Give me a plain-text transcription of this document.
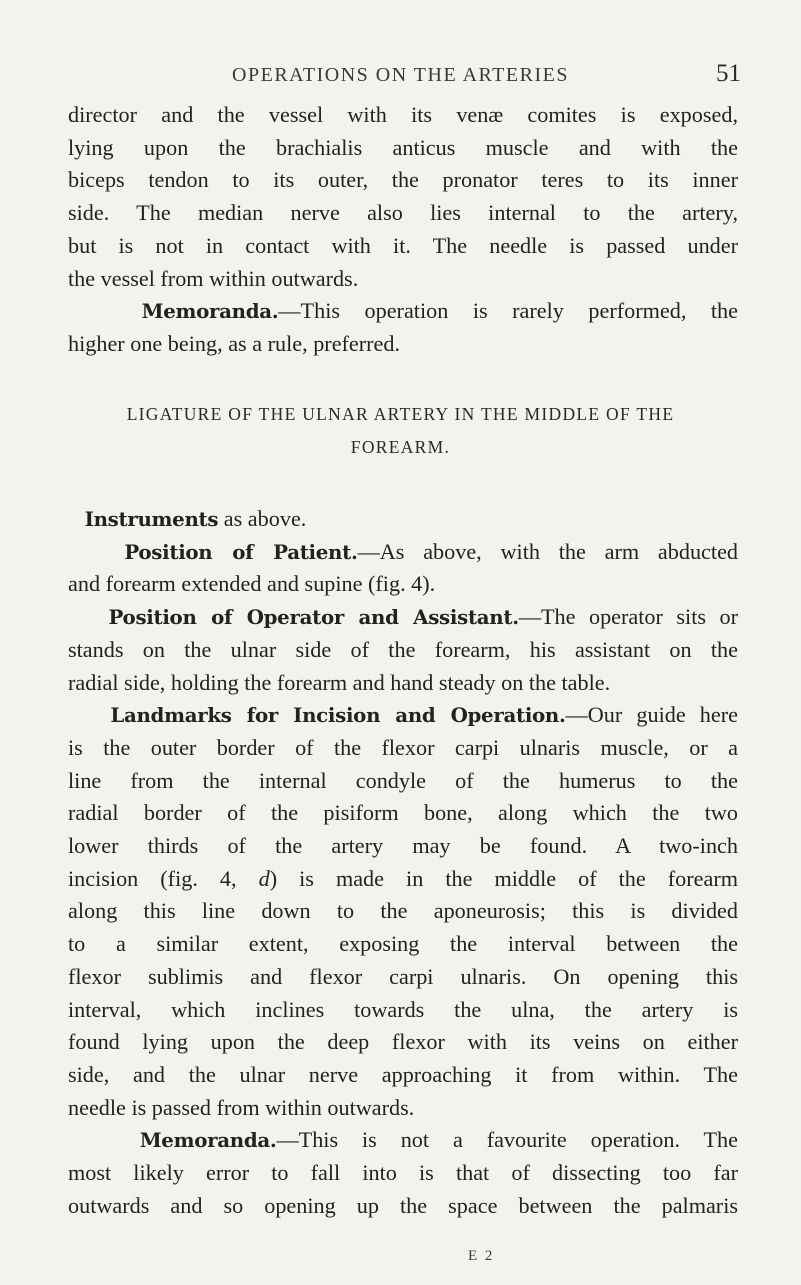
OPERATIONS ON THE ARTERIES	51
director and the vessel with its venæ comites is exposed,
lying upon the brachialis anticus muscle and with the
biceps tendon to its outer, the pronator teres to its inner
side. The median nerve also lies internal to the artery,
but is not in contact with it. The needle is passed under
the vessel from within outwards.
Memoranda.—This operation is rarely performed, the
higher one being, as a rule, preferred.
LIGATURE OF THE ULNAR ARTERY IN THE MIDDLE OF THE
FOREARM.
Instruments as above.
Position of Patient.—As above, with the arm abducted
and forearm extended and supine (fig. 4).
Position of Operator and Assistant.—The operator sits or
stands on the ulnar side of the forearm, his assistant on the
radial side, holding the forearm and hand steady on the table.
Landmarks for Incision and Operation.—Our guide here
is the outer border of the flexor carpi ulnaris muscle, or a
line from the internal condyle of the humerus to the
radial border of the pisiform bone, along which the two
lower thirds of the artery may be found. A two-inch
incision (fig. 4, d) is made in the middle of the forearm
along this line down to the aponeurosis; this is divided
to a similar extent, exposing the interval between the
flexor sublimis and flexor carpi ulnaris. On opening this
interval, which inclines towards the ulna, the artery is
found lying upon the deep flexor with its veins on either
side, and the ulnar nerve approaching it from within. The
needle is passed from within outwards.
Memoranda.—This is not a favourite operation. The
most likely error to fall into is that of dissecting too far
outwards and so opening up the space between the palmaris
E 2
